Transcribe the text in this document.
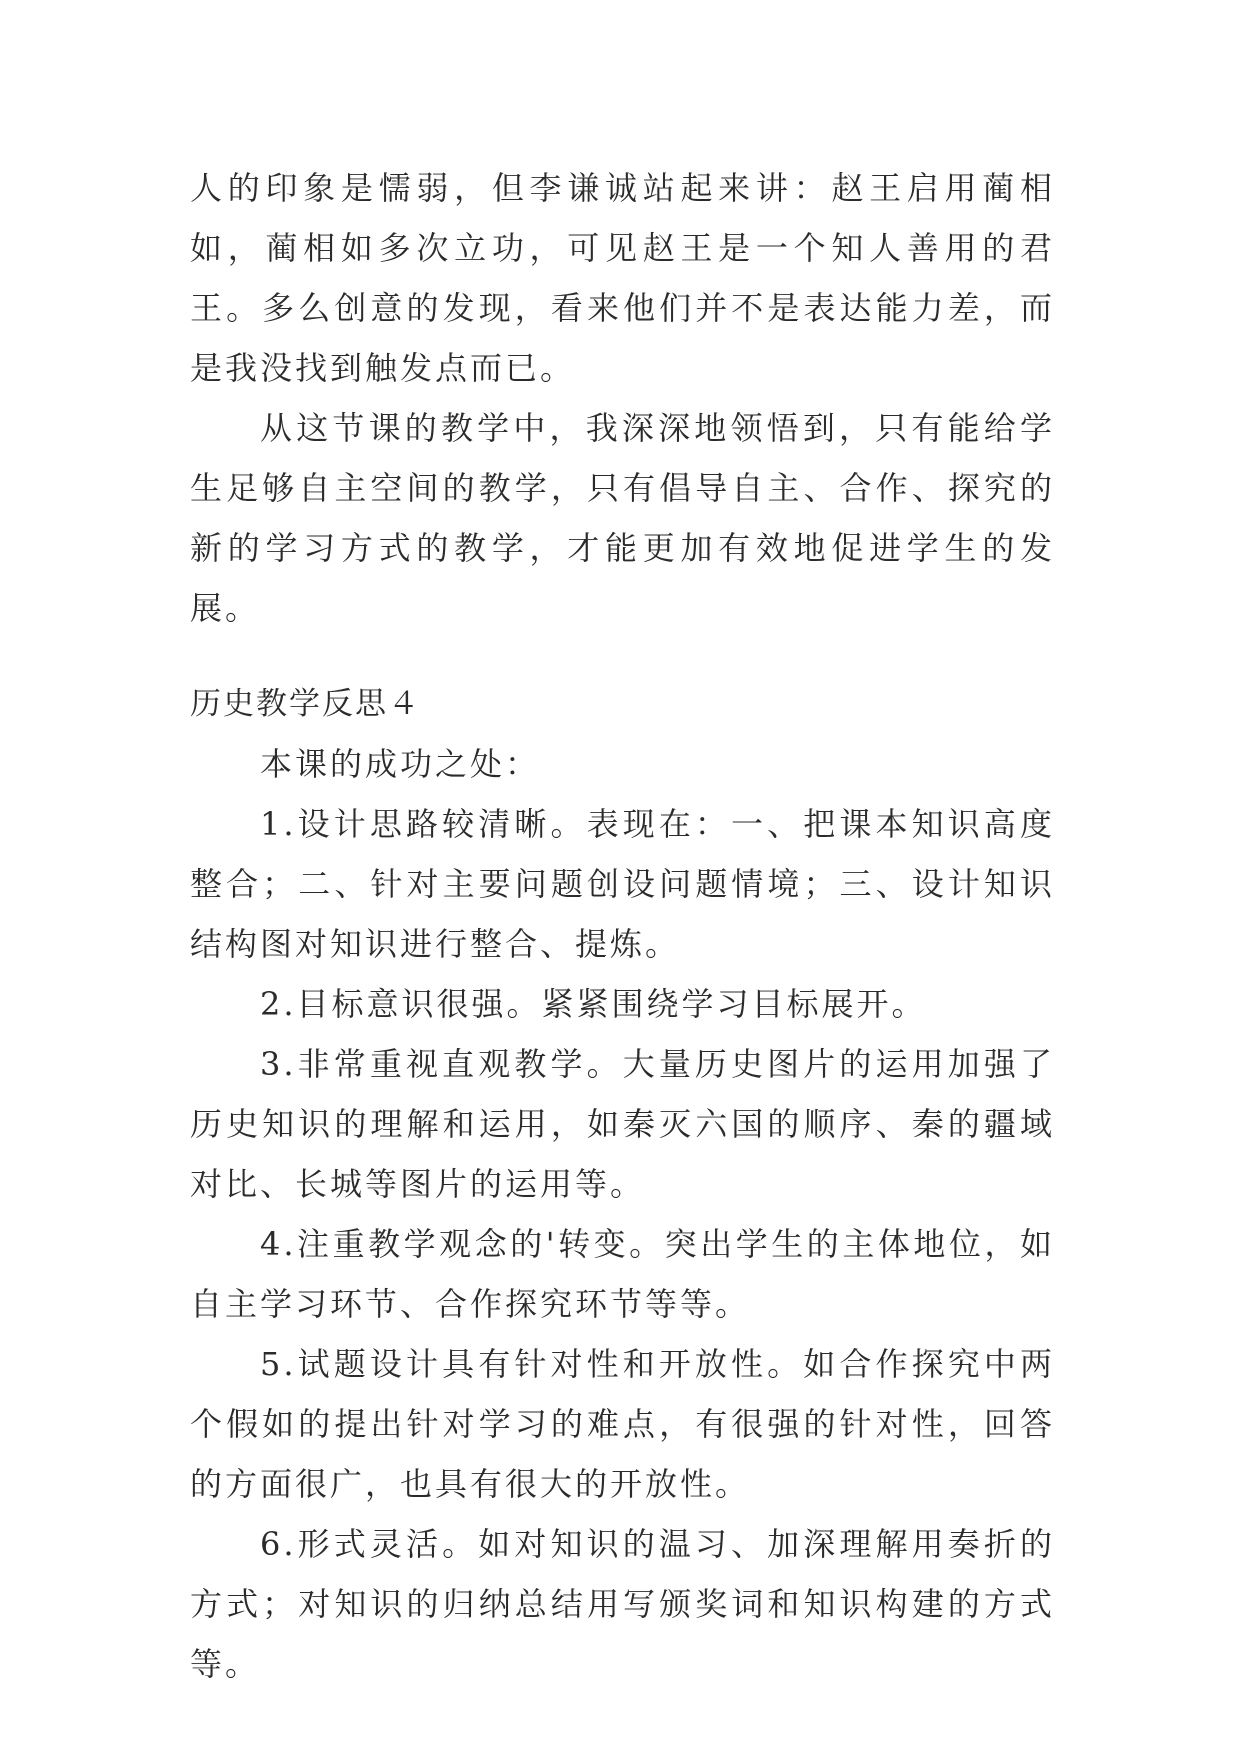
人的印象是懦弱，但李谦诚站起来讲：赵王启用蔺相如，蔺相如多次立功，可见赵王是一个知人善用的君王。多么创意的发现，看来他们并不是表达能力差，而是我没找到触发点而已。

从这节课的教学中，我深深地领悟到，只有能给学生足够自主空间的教学，只有倡导自主、合作、探究的新的学习方式的教学，才能更加有效地促进学生的发展。

历史教学反思４

本课的成功之处：

1.设计思路较清晰。表现在：一、把课本知识高度整合；二、针对主要问题创设问题情境；三、设计知识结构图对知识进行整合、提炼。

2.目标意识很强。紧紧围绕学习目标展开。

3.非常重视直观教学。大量历史图片的运用加强了历史知识的理解和运用，如秦灭六国的顺序、秦的疆域对比、长城等图片的运用等。

4.注重教学观念的'转变。突出学生的主体地位，如自主学习环节、合作探究环节等等。

5.试题设计具有针对性和开放性。如合作探究中两个假如的提出针对学习的难点，有很强的针对性，回答的方面很广，也具有很大的开放性。

6.形式灵活。如对知识的温习、加深理解用奏折的方式；对知识的归纳总结用写颁奖词和知识构建的方式等。
